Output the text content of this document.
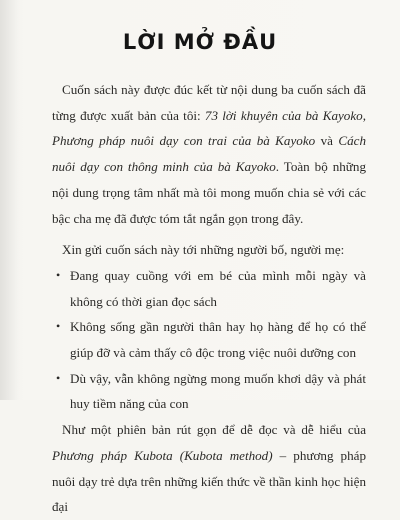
LỜI MỞ ĐẦU

Cuốn sách này được đúc kết từ nội dung ba cuốn sách đã từng được xuất bản của tôi: 73 lời khuyên của bà Kayoko, Phương pháp nuôi dạy con trai của bà Kayoko và Cách nuôi dạy con thông minh của bà Kayoko. Toàn bộ những nội dung trọng tâm nhất mà tôi mong muốn chia sẻ với các bậc cha mẹ đã được tóm tắt ngắn gọn trong đây.

Xin gửi cuốn sách này tới những người bố, người mẹ:

• Đang quay cuồng với em bé của mình mỗi ngày và không có thời gian đọc sách

• Không sống gần người thân hay họ hàng để họ có thể giúp đỡ và cảm thấy cô độc trong việc nuôi dưỡng con

• Dù vậy, vẫn không ngừng mong muốn khơi dậy và phát huy tiềm năng của con

Như một phiên bản rút gọn để dễ đọc và dễ hiểu của Phương pháp Kubota (Kubota method) – phương pháp nuôi dạy trẻ dựa trên những kiến thức về thần kinh học hiện đại
